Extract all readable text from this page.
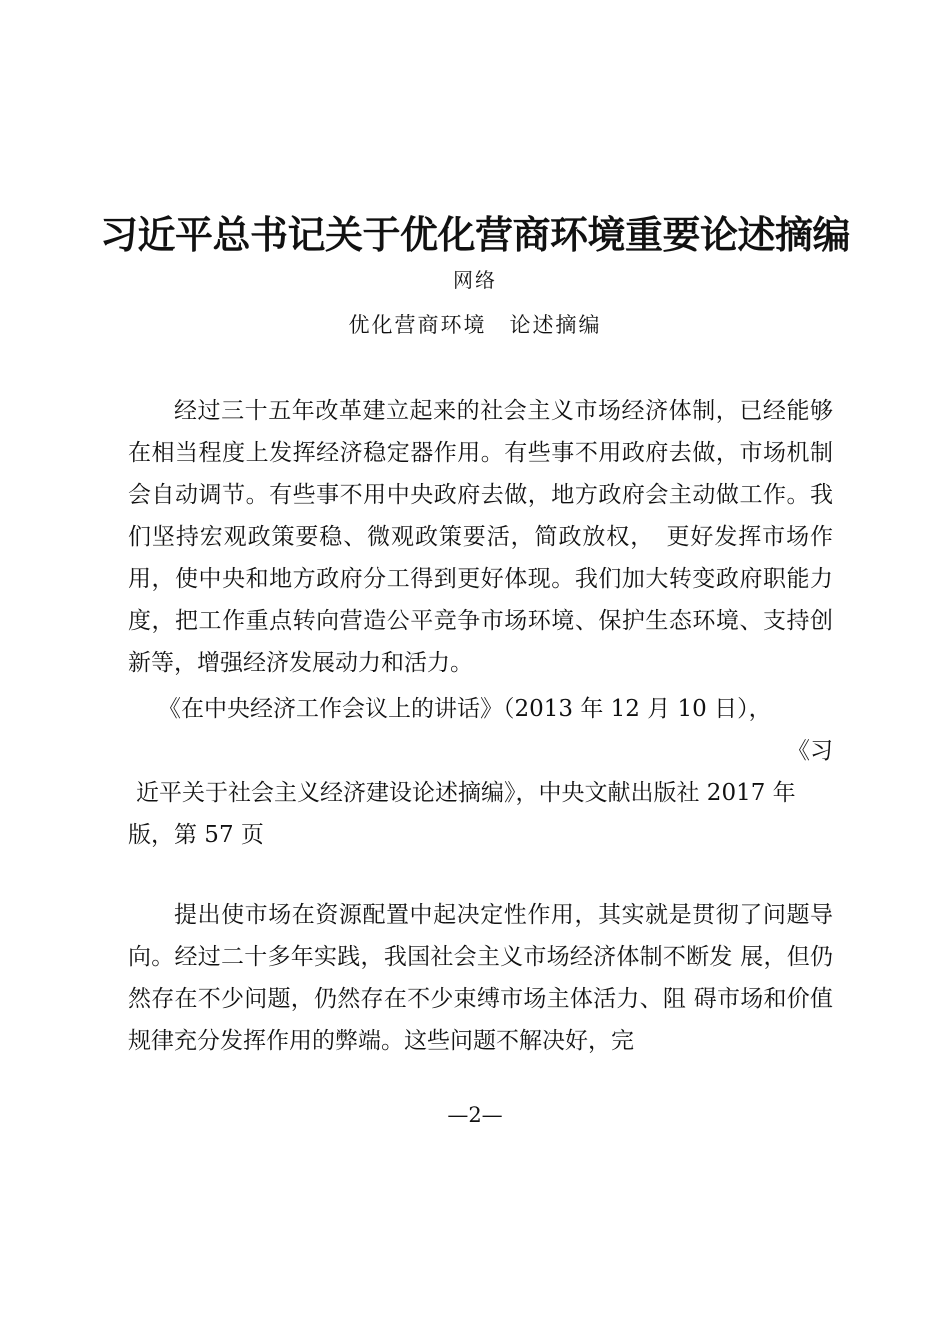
习近平总书记关于优化营商环境重要论述摘编
网络
优化营商环境　论述摘编

经过三十五年改革建立起来的社会主义市场经济体制，已经能够在相当程度上发挥经济稳定器作用。有些事不用政府去做，市场机制会自动调节。有些事不用中央政府去做，地方政府会主动做工作。我们坚持宏观政策要稳、微观政策要活，简政放权，　更好发挥市场作用，使中央和地方政府分工得到更好体现。我们加大转变政府职能力度，把工作重点转向营造公平竞争市场环境、保护生态环境、支持创新等，增强经济发展动力和活力。

《在中央经济工作会议上的讲话》（2013 年 12 月 10 日），
《习
近平关于社会主义经济建设论述摘编》，中央文献出版社 2017 年
版，第 57 页

提出使市场在资源配置中起决定性作用，其实就是贯彻了问题导向。经过二十多年实践，我国社会主义市场经济体制不断发 展，但仍然存在不少问题，仍然存在不少束缚市场主体活力、阻 碍市场和价值规律充分发挥作用的弊端。这些问题不解决好，完

—2—
